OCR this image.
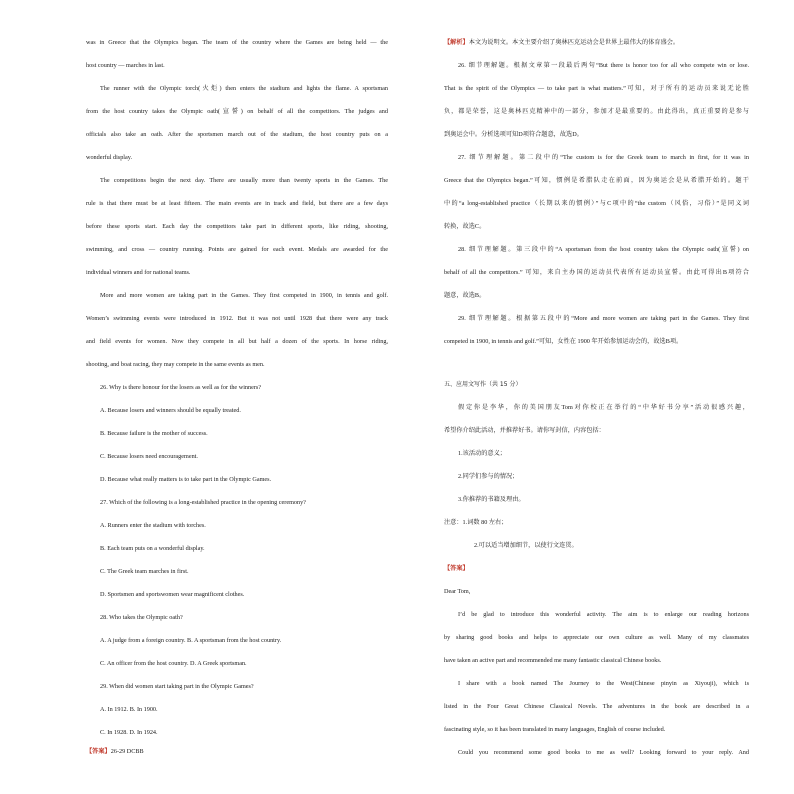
was in Greece that the Olympics began. The team of the country where the Games are being held — the
host country — marches in last.
The runner with the Olympic torch(火炬) then enters the stadium and lights the flame. A sportsman
from the host country takes the Olympic oath(宣誓) on behalf of all the competitors. The judges and
officials also take an oath. After the sportsmen march out of the stadium, the host country puts on a
wonderful display.
The competitions begin the next day. There are usually more than twenty sports in the Games. The
rule is that there must be at least fifteen. The main events are in track and field, but there are a few days
before these sports start. Each day the competitors take part in different sports, like riding, shooting,
swimming, and cross — country running. Points are gained for each event. Medals are awarded for the
individual winners and for national teams.
More and more women are taking part in the Games. They first competed in 1900, in tennis and golf.
Women’s swimming events were introduced in 1912. But it was not until 1928 that there were any track
and field events for women. Now they compete in all but half a dozen of the sports. In horse riding,
shooting, and boat racing, they may compete in the same events as men.
26. Why is there honour for the losers as well as for the winners?
A. Because losers and winners should be equally treated.
B. Because failure is the mother of success.
C. Because losers need encouragement.
D. Because what really matters is to take part in the Olympic Games.
27. Which of the following is a long-established practice in the opening ceremony?
A. Runners enter the stadium with torches.
B. Each team puts on a wonderful display.
C. The Greek team marches in first.
D. Sportsmen and sportswomen wear magnificent clothes.
28. Who takes the Olympic oath?
A. A judge from a foreign country. B. A sportsman from the host country.
C. An officer from the host country. D. A Greek sportsman.
29. When did women start taking part in the Olympic Games?
A. In 1912. B. In 1900.
C. In 1928. D. In 1924.
【答案】26-29 DCBB
【解析】本文为说明文。本文主要介绍了奥林匹克运动会是世界上最伟大的体育盛会。
26. 细节理解题。根据文章第一段最后两句“But there is honor too for all who compete win or lose.
That is the spirit of the Olympics — to take part is what matters.”可知，对于所有的运动员来说无论胜
负，都是荣誉，这是奥林匹克精神中的一部分，参加才是最重要的。由此得出，真正重要的是参与
到奥运会中。分析选项可知D项符合题意，故选D。
27. 细节理解题。第二段中的“The custom is for the Greek team to march in first, for it was in
Greece that the Olympics began.”可知，惯例是希腊队走在前面，因为奥运会是从希腊开始的。题干
中的“a long-established practice（长期以来的惯例）”与C项中的“the custom（风俗，习俗）”是同义词
转换，故选C。
28. 细节理解题。第三段中的“A sportsman from the host country takes the Olympic oath(宣誓) on
behalf of all the competitors.” 可知，来自主办国的运动员代表所有运动员宣誓。由此可得出B项符合
题意，故选B。
29. 细节理解题。根据第五段中的“More and more women are taking part in the Games. They first
competed in 1900, in tennis and golf.”可知，女性在 1900 年开始参加运动会的，故选B项。
五、应用文写作（共 15 分）
假定你是李华，你的美国朋友Tom对你校正在举行的“中华好书分享”活动很感兴趣，
希望你介绍此活动，并推荐好书。请你写封信，内容包括：
1.该活动的意义；
2.同学们参与的情况；
3.你推荐的书籍及理由。
注意：1.词数 80 左右；
2.可以适当增加细节，以使行文连贯。
【答案】
Dear Tom,
I’d be glad to introduce this wonderful activity. The aim is to enlarge our reading horizons
by sharing good books and helps to appreciate our own culture as well. Many of my classmates
have taken an active part and recommended me many fantastic classical Chinese books.
I share with a book named The Journey to the West(Chinese pinyin as Xiyouji), which is
listed in the Four Great Chinese Classical Novels. The adventures in the book are described in a
fascinating style, so it has been translated in many languages, English of course included.
Could you recommend some good books to me as well? Looking forward to your reply. And
